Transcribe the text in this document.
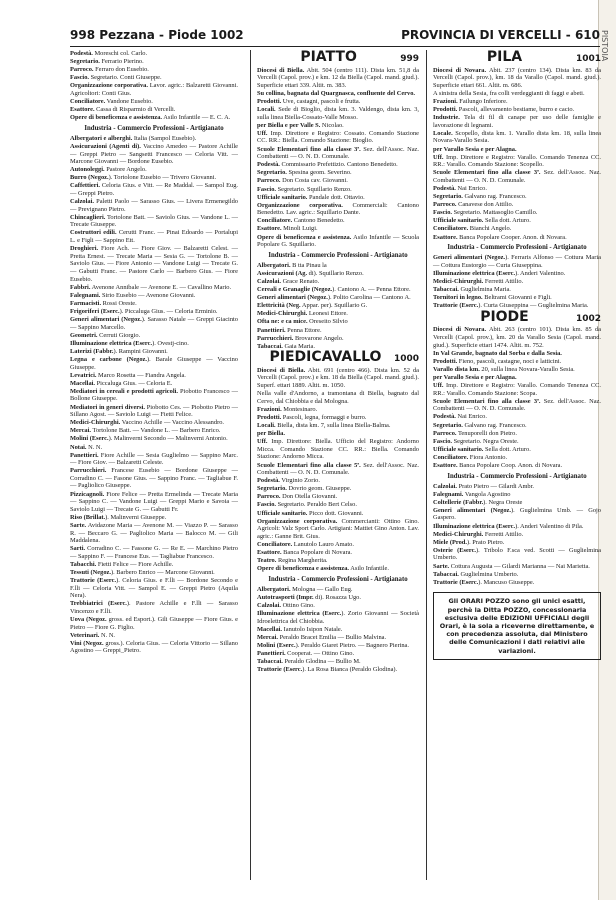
PISTOIA
998 Pezzana - Piode 1002	PROVINCIA DI VERCELLI - 610
Podestà. Moreschi col. Carlo.
Segretario. Ferrario Pierino.
Parroco. Ferraro don Eusebio.
Fascio. Segretario. Conti Giuseppe.
Organizzazione corporativa. Lavor. agric.: Balzaretti Giovanni. Agricoltori: Conti Gius.
Conciliatore. Vandone Eusebio.
Esattore. Cassa di Risparmio di Vercelli.
Opere di beneficenza e assistenza. Asilo Infantile — E. C. A.
Industria - Commercio Professioni - Artigianato
Albergatori e alberghi. Italia (Sampol Eusebio).
Assicurazioni (Agenti di). Vaccino Amedeo — Pastore Achille — Greppi Pietro — Sangsetti Francesco — Celoria Vitt. — Marcone Giovanni — Bordone Eusebio.
Autonoleggi. Pastore Angelo.
Burro (Negoz.). Tortolone Eusebio — Trivero Giovanni.
Caffettieri. Celoria Gius. e Vitt. — Re Maddal. — Sampol Eug. — Greppi Pietro.
Calzolai. Paletti Paolo — Sarasso Gius. — Livera Ermenegildo — Prevignano Pietro.
Chincaglieri. Tortolone Batt. — Saviolo Gius. — Vandone L. — Trecate Giuseppe.
Costruttori edili. Cerutti Franc. — Pinai Edoardo — Portalupi L. e Figli — Sappino Ett.
Droghieri. Fiore Ach. — Fiore Giov. — Balzaretti Celest. — Pretta Ernest. — Trecate Maria — Sesia G. — Tortolone B. — Saviolo Gius. — Fiore Antonio — Vandone Luigi — Trecate G. — Gabutti Franc. — Pastore Carlo — Barbero Gius. — Fiore Eusebio.
Fabbri. Avenone Annibale — Avenone E. — Cavallino Mario.
Falegnami. Sirio Eusebio — Avenone Giovanni.
Farmacisti. Rossi Oreste.
Frigoriferi (Eserc.). Piccaluga Gius. — Celoria Erminio.
Generi alimentari (Negoz.). Sarasso Natale — Greppi Giacinto — Sappino Marcello.
Geometri. Cerruti Giorgio.
Illuminazione elettrica (Eserc.). Ovestj-cino.
Laterizi (Fabbr.). Rampini Giovanni.
Legna e carbone (Negoz.). Barale Giuseppe — Vaccino Giuseppe.
Levatrici. Marco Rosetta — Fiandra Angela.
Macellai. Piccaluga Gius. — Celoria E.
Mediatori in cereali e prodotti agricoli. Piobotto Francesco — Bollone Giuseppe.
Mediatori in generi diversi. Piobotto Ces. — Piobotto Pietro — Sillano Agost. — Saviolo Luigi — Fietti Felice.
Medici-Chirurghi. Vaccino Achille — Vaccino Alessandro.
Mercai. Tortolone Batt. — Vandone L. — Barbero Enrico.
Molini (Eserc.). Malinverni Secondo — Malinverni Antonio.
Notai. N. N.
Panettieri. Fiore Achille — Sesia Guglielmo — Sappino Marc. — Fiore Giov. — Balzaretti Celeste.
Parrucchieri. Francese Eusebio — Bordone Giuseppe — Corradino C. — Fasone Gius. — Sappino Franc. — Tagliabue F. — Pagliolico Giuseppe.
Pizzicagnoli. Fiore Felice — Pretta Ermelinda — Trecate Maria — Sappino C. — Vandone Luigi — Greppi Mario e Savoia — Saviolo Luigi — Trecate G. — Gabutti Fr.
Riso (Brillat.). Malinverni Giuseppe.
Sarte. Avidazone Maria — Avenone M. — Viazzo P. — Sarasso R. — Beccaro G. — Pagliolico Maria — Balocco M. — Gili Maddalena.
Sarti. Corradino C. — Fassone G. — Re E. — Marchino Pietro — Sappino F. — Francese Eus. — Tagliabue Francesco.
Tabacchi. Fietti Felice — Fiore Achille.
Tessuti (Negoz.). Barbero Enrico — Marcone Giovanni.
Trattorie (Eserc.). Celoria Gius. e F.lli — Bordone Secondo e F.lli — Celoria Vitt. — Sampol E. — Greppi Pietro (Aquila Nera).
Trebbiatrici (Eserc.). Pastore Achille e F.lli — Sarasso Vincenzo e F.lli.
Uova (Negoz. gross. ed Esport.). Gili Giuseppe — Fiore Gius. e Pietro — Fiore G. Figlio.
Veterinari. N. N.
Vini (Negoz. gross.). Celoria Gius. — Celoria Vittorio — Sillano Agostino — Greppi_Pietro.
PIATTO	999
Diocesi di Biella. Abit. 504 (centro 111). Dista km. 51,8 da Vercelli (Capol. prov.) e km. 12 da Biella (Capol. mand. giud.). Superficie ettari 339. Altit. m. 383.
Su collina, bagnata dal Quargnasca, confluente del Cervo.
Prodotti. Uve, castagni, pascoli e frutta.
Locali. Sede di Bioglio, dista km. 3. Valdengo, dista km. 3, sulla linea Biella-Cossato-Valle Mosso.
per Biella e per Valle S. Nicolao.
Uff. Imp. Direttore e Registro: Cossato. Comando Stazione CC. RR.: Biella. Comando Stazione: Bioglio.
Scuole Elementari fino alla classe 3ª. Sez. dell'Assoc. Naz. Combattenti — O. N. D. Comunale.
Podestà. Commissario Prefettizio. Cantono Benedetto.
Segretario. Spesina geom. Severino.
Parroco. Don Costa cav. Giovanni.
Fascio. Segretario. Squillario Renzo.
Ufficiale sanitario. Pandale dott. Ottavio.
Organizzazione corporativa. Commerciali: Cantono Benedetto. Lav. agric.: Squillario Dante.
Conciliatore. Cantono Benedetto.
Esattore. Minoli Luigi.
Opere di beneficenza e assistenza. Asilo Infantile — Scuola Popolare G. Squillario.
Industria - Commercio Professioni - Artigianato
Albergatori. B tta Pinau la
Assicurazioni (Ag. di). Squillario Renzo.
Calzolai. Grace Renato.
Cereali e Granaglie (Negoz.). Cantono A. — Penna Ettore.
Generi alimentari (Negoz.). Polito Carolina — Cantono A.
Elettricità (Neg. Appar. per). Squillario G.
Medici-Chirurghi. Leonesi Ettore.
Ofta ne: e ca mice. Oreseito Silvio
Panettieri. Penna Ettore.
Parrucchieri. Brovarone Angelo.
Tabaccai. Gaia Maria.
PIEDICAVALLO	1000
Diocesi di Biella. Abit. 691 (centro 466). Dista km. 52 da Vercelli (Capol. prov.) e km. 18 da Biella (Capol. mand. giud.). Superf. ettari 1889. Altit. m. 1050.
Nella valle d'Andorno, a tramontana di Biella, bagnato dal Cervo, dal Chiobbia e dal Mologna.
Frazioni. Montesinaro.
Prodotti. Pascoli, legna, formaggi e burro.
Locali. Biella, dista km. 7, sulla linea Biella-Balma.
per Biella.
Uff. Imp. Direttore: Biella. Ufficio del Registro: Andorno Micca. Comando Stazione CC. RR.: Biella. Comando Stazione: Andorno Micca.
Scuole Elementari fino alla classe 5ª. Sez. dell'Assoc. Naz. Combattenti — O. N. D. Comunale.
Podestà. Virginio Zorio.
Segretario. Dovrio geom. Giuseppe.
Parroco. Don Otella Giovanni.
Fascio. Segretario. Peraldo Bert Celso.
Ufficiale sanitario. Picco dott. Giovanni.
Organizzazione corporativa. Commercianti: Ottino Gino. Agricolt: Valz Sport Carlo. Artigiani: Mattiet Gino Anton. Lav. agric.: Ganne Brit. Gius.
Conciliatore. Lanutolo Lauro Amato.
Esattore. Banca Popolare di Novara.
Teatro. Regina Margherita.
Opere di beneficenza e assistenza. Asilo Infantile.
Industria - Commercio Professioni - Artigianato
Albergatori. Mologna — Gallo Eug.
Autotrasporti (Impr. di). Rosazza Ugo.
Calzolai. Ottino Gino.
Illuminazione elettrica (Eserc.). Zorio Giovanni — Società Idroelettrica del Chiobbia.
Macellai. Ianutolo Isipon Natale.
Mercai. Peraldo Bracet Emilia — Bullio Malvina.
Molini (Eserc.). Peraldo Giaret Pietro. — Bagnero Pierina.
Panettieri. Cooperat. — Ottino Gino.
Tabaccai. Peraldo Glodina — Bullio M.
Trattorie (Eserc.). La Rosa Bianca (Peraldo Glodina).
PILA	1001
Diocesi di Novara. Abit. 237 (centro 134). Dista km. 83 da Vercelli (Capol. prov.), km. 18 da Varallo (Capol. mand. giud.). Superficie ettari 661. Altit. m. 686.
A sinistra della Sesia, fra colli verdeggianti di faggi e abeti.
Frazioni. Failungo Inferiore.
Prodotti. Pascoli, allevamento bestiame, burro e cacio.
Industrie. Tela di fil di canape per uso delle famiglie e lavorazione di legnami.
Locale. Scopello, dista km. 1. Varallo dista km. 18, sulla linea Novara-Varallo Sesia.
per Varallo Sesia e per Alagna.
Uff. Imp. Direttore e Registro: Varallo. Comando Tenenza CC. RR.: Varallo. Comando Stazione: Scopello.
Scuole Elementari fino alla classe 3ª. Sez. dell'Assoc. Naz. Combattenti — O. N. D. Comunale.
Podestà. Nai Enrico.
Segretario. Galvano rag. Francesco.
Parroco. Canavese don Attilio.
Fascio. Segretario. Mattasoglio Camillo.
Ufficiale sanitario. Sella dott. Arturo.
Conciliatore. Bianchi Angelo.
Esattore. Banca Popolare Cooper. Anon. di Novara.
Industria - Commercio Professioni - Artigianato
Generi alimentari (Negoz.). Ferraris Alfonso — Cottura Maria — Cottura Eustorgio — Curta Giuseppina.
Illuminazione elettrica (Eserc.). Anderi Valentino.
Medici-Chirurghi. Ferretti Attilio.
Tabaccai. Guglielmina Maria.
Tornitori in legno. Beltrami Giovanni e Figli.
Trattorie (Eserc.). Curta Giuseppina — Guglielmina Maria.
PIODE	1002
Diocesi di Novara. Abit. 263 (centro 101). Dista km. 85 da Vercelli (Capol. prov.), km. 20 da Varallo Sesia (Capol. mand. giud.). Superficie ettari 1474. Altit. m. 752.
In Val Grande, bagnato dal Sorba e dalla Sesia.
Prodotti. Fieno, pascoli, castagne, noci e latticini.
Varallo dista km. 20, sulla linea Novara-Varallo Sesia.
per Varallo Sesia e per Alagna.
Uff. Imp. Direttore e Registro: Varallo. Comando Tenenza CC. RR.: Varallo. Comando Stazione: Scopa.
Scuole Elementari fino alla classe 3ª. Sez. dell'Assoc. Naz. Combattenti — O. N. D. Comunale.
Podestà. Nai Enrico.
Segretario. Galvano rag. Francesco.
Parroco. Tenuporelli don Pietro.
Fascio. Segretario. Negra Oreste.
Ufficiale sanitario. Sella dott. Arturo.
Conciliatore. Fiora Antonio.
Esattore. Banca Popolare Coop. Anon. di Novara.
Industria - Commercio Professioni - Artigianato
Calzolai. Prato Pietro — Gilardi Ambr.
Falegnami. Vangola Agostino
Coltellerie (Fabbr.). Negra Oreste
Generi alimentari (Negoz.). Guglielmina Umb. — Gojo Gaspero.
Illuminazione elettrica (Eserc.). Anderi Valentino di Pila.
Medici-Chirurghi. Ferretti Attilio.
Miele (Prod.). Prato Pietro.
Osterie (Eserc.). Tribolo F.sca ved. Scotti — Guglielmina Umberto.
Sarte. Cottura Augusta — Gilardi Marianna — Nai Marietta.
Tabaccai. Guglielmina Umberto.
Trattorie (Eserc.). Mancuso Giuseppe.
Gli ORARI POZZO sono gli unici esatti, perchè la Ditta POZZO, concessionaria esclusiva delle EDIZIONI UFFICIALI degli Orari, è la sola a riceverne direttamente, e con precedenza assoluta, dal Ministero delle Comunicazioni i dati relativi alle variazioni.
